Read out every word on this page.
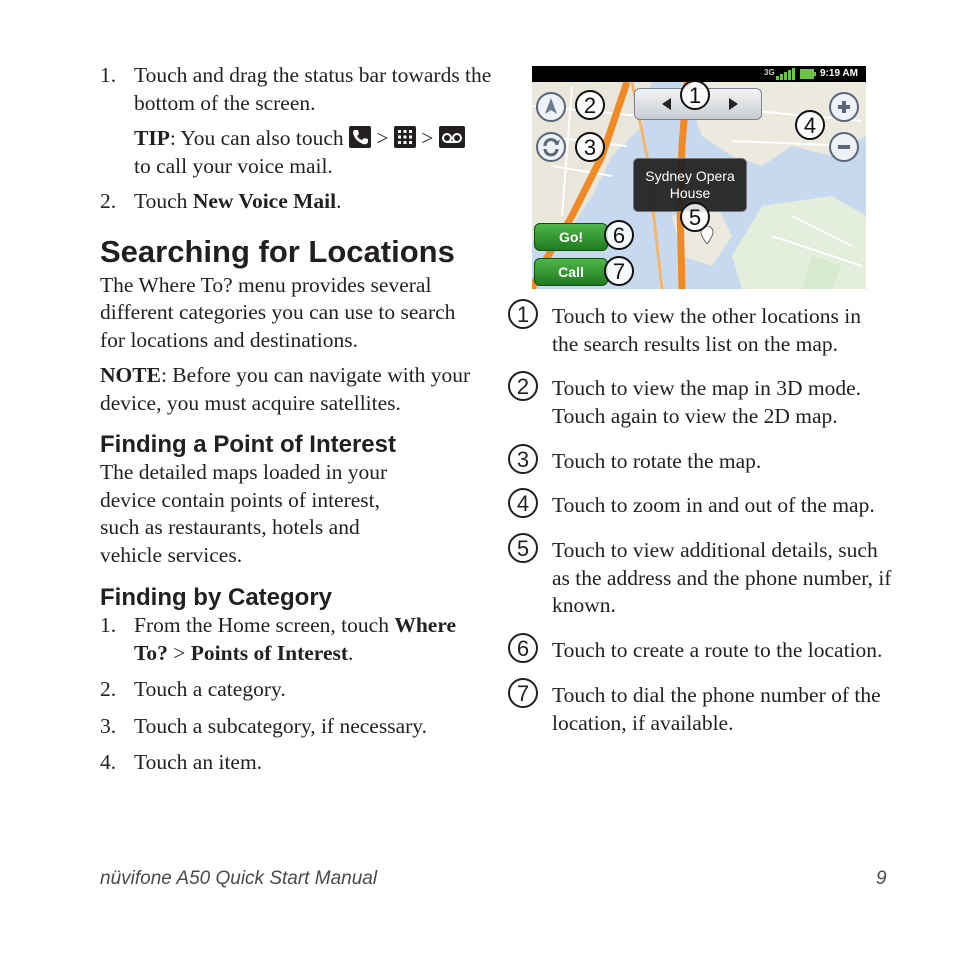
1. Touch and drag the status bar towards the bottom of the screen.
TIP: You can also touch > >
to call your voice mail.
2. Touch New Voice Mail.
Searching for Locations
The Where To? menu provides several different categories you can use to search for locations and destinations.
NOTE: Before you can navigate with your device, you must acquire satellites.
Finding a Point of Interest
The detailed maps loaded in your device contain points of interest, such as restaurants, hotels and vehicle services.
Finding by Category
1. From the Home screen, touch Where To? > Points of Interest.
2. Touch a category.
3. Touch a subcategory, if necessary.
4. Touch an item.
3G	9:19 AM
Sydney Opera
House
Go!
Call
1
2
3
4
5
6
7
1	Touch to view the other locations in the search results list on the map.
2	Touch to view the map in 3D mode. Touch again to view the 2D map.
3	Touch to rotate the map.
4	Touch to zoom in and out of the map.
5	Touch to view additional details, such as the address and the phone number, if known.
6	Touch to create a route to the location.
7	Touch to dial the phone number of the location, if available.
nüvifone A50 Quick Start Manual	9
